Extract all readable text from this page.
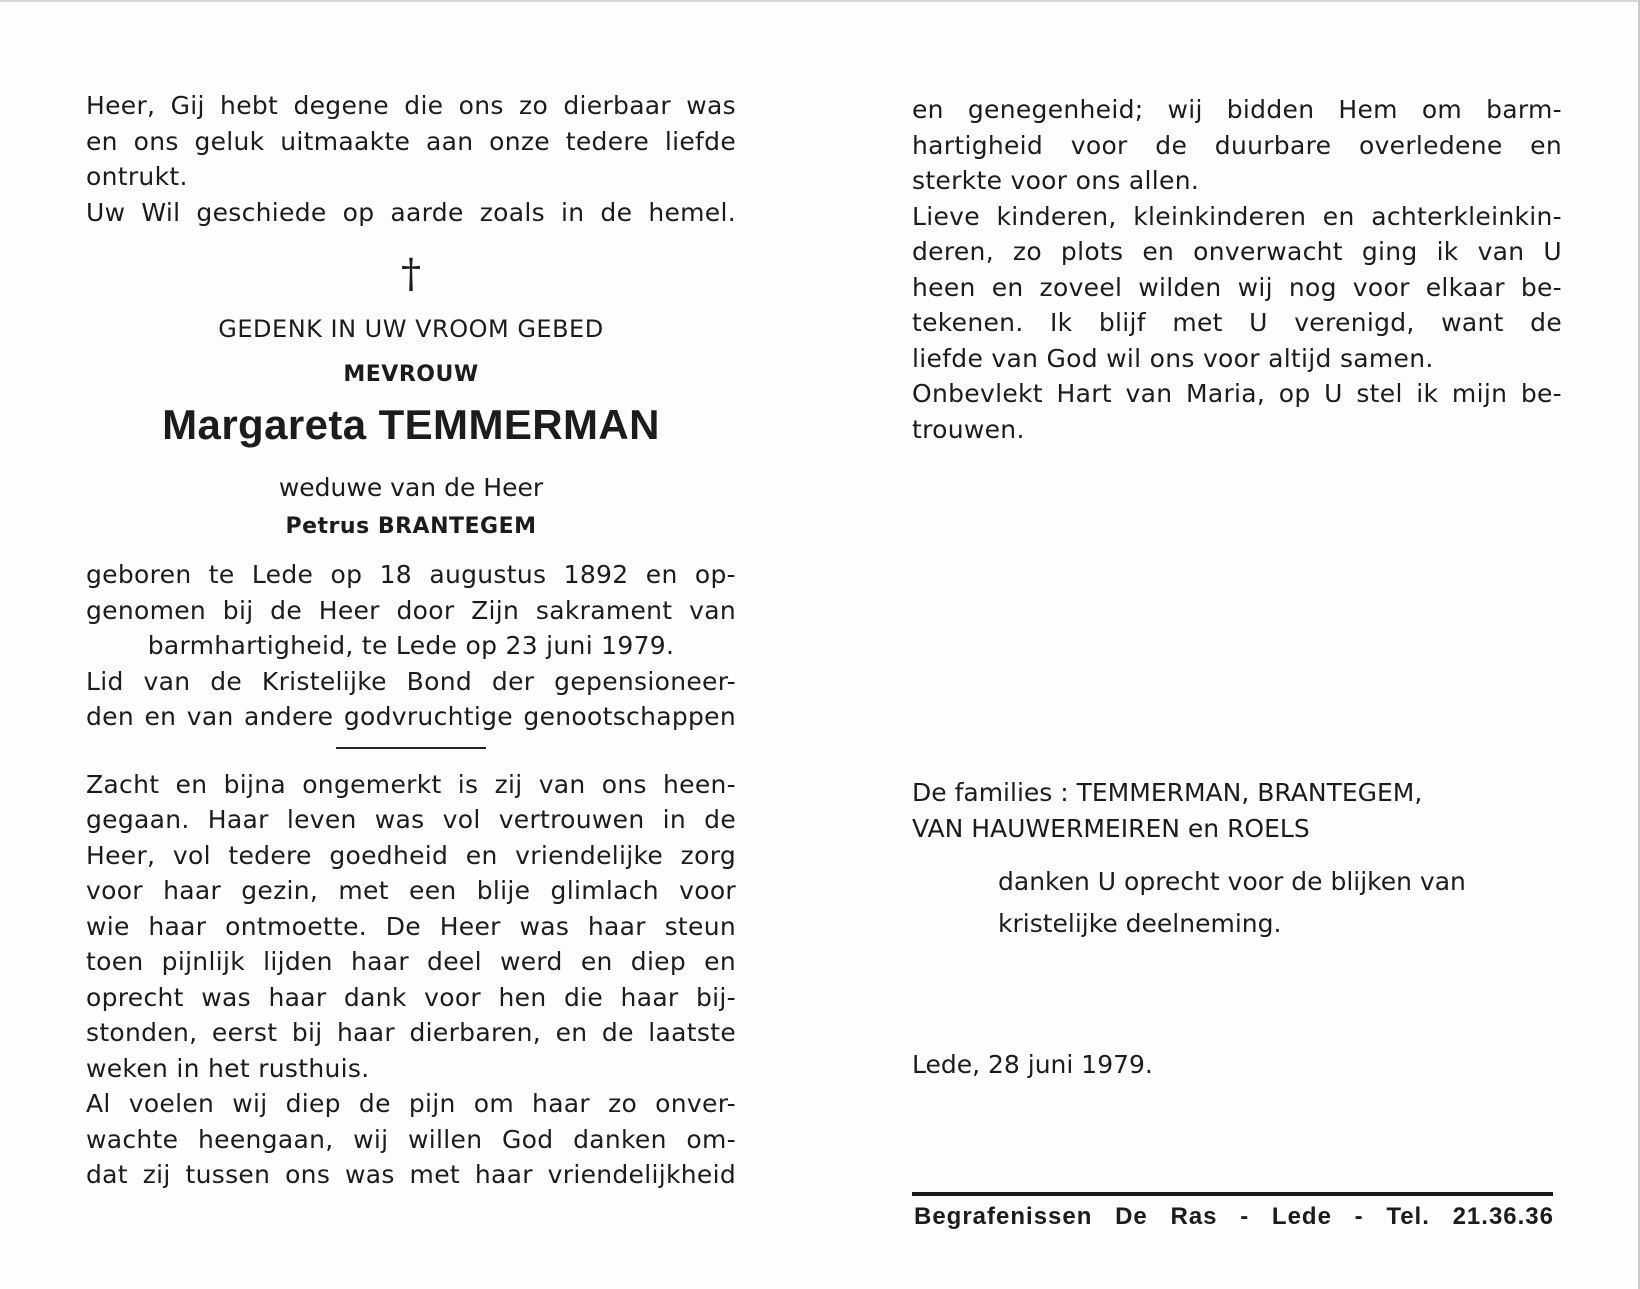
Heer, Gij hebt degene die ons zo dierbaar was
en ons geluk uitmaakte aan onze tedere liefde
ontrukt.
Uw Wil geschiede op aarde zoals in de hemel.
†
GEDENK IN UW VROOM GEBED
MEVROUW
Margareta TEMMERMAN
weduwe van de Heer
Petrus BRANTEGEM
geboren te Lede op 18 augustus 1892 en op-
genomen bij de Heer door Zijn sakrament van
barmhartigheid, te Lede op 23 juni 1979.
Lid van de Kristelijke Bond der gepensioneer-
den en van andere godvruchtige genootschappen
Zacht en bijna ongemerkt is zij van ons heen-
gegaan. Haar leven was vol vertrouwen in de
Heer, vol tedere goedheid en vriendelijke zorg
voor haar gezin, met een blije glimlach voor
wie haar ontmoette. De Heer was haar steun
toen pijnlijk lijden haar deel werd en diep en
oprecht was haar dank voor hen die haar bij-
stonden, eerst bij haar dierbaren, en de laatste
weken in het rusthuis.
Al voelen wij diep de pijn om haar zo onver-
wachte heengaan, wij willen God danken om-
dat zij tussen ons was met haar vriendelijkheid
en genegenheid; wij bidden Hem om barm-
hartigheid voor de duurbare overledene en
sterkte voor ons allen.
Lieve kinderen, kleinkinderen en achterkleinkin-
deren, zo plots en onverwacht ging ik van U
heen en zoveel wilden wij nog voor elkaar be-
tekenen. Ik blijf met U verenigd, want de
liefde van God wil ons voor altijd samen.
Onbevlekt Hart van Maria, op U stel ik mijn be-
trouwen.
De families : TEMMERMAN, BRANTEGEM,
VAN HAUWERMEIREN en ROELS
danken U oprecht voor de blijken van
kristelijke deelneming.
Lede, 28 juni 1979.
Begrafenissen De Ras - Lede - Tel. 21.36.36
